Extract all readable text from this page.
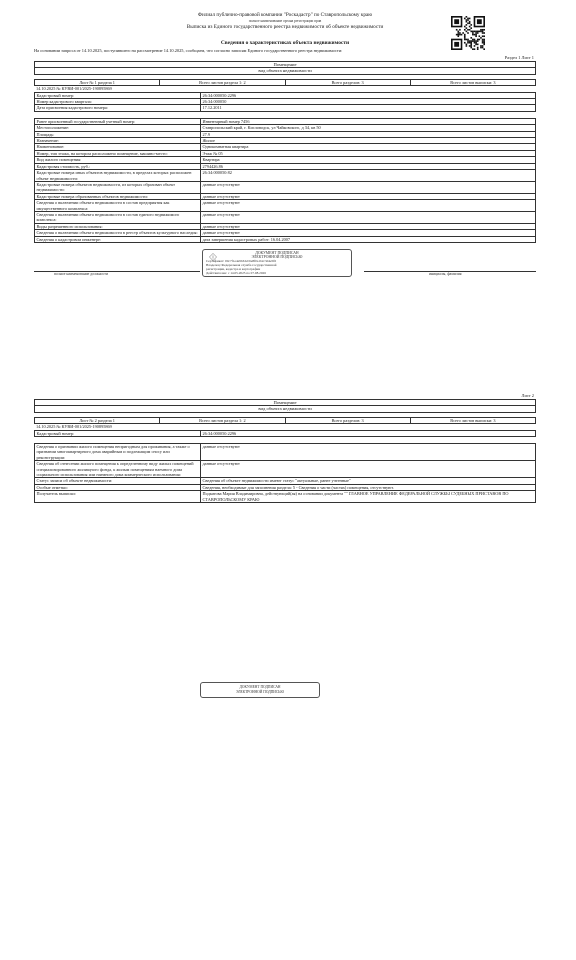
Филиал публично-правовой компании "Роскадастр" по Ставропольскому краю
полное наименование органа регистрации прав
Выписка из Единого государственного реестра недвижимости об объекте недвижимости
Сведения о характеристиках объекта недвижимости
На основании запроса от 14.10.2025, поступившего на рассмотрение 14.10.2025, сообщаем, что согласно записям Единого государственного реестра недвижимости:
Раздел 1 Лист 1
Помещение
вид объекта недвижимости

Лист № 1 раздела 1	Всего листов раздела 1: 2	Всего разделов: 3	Всего листов выписки: 3
14.10.2025 № КУВИ-001/2025-190895869
Кадастровый номер:	26:34:000050:2296
Номер кадастрового квартала:	26:34:000050
Дата присвоения кадастрового номера:	17.12.2011
Ранее присвоенный государственный учетный номер:	Инвентарный номер 7456
Местоположение:	Ставропольский край, г. Кисловодск, ул Чайковского, д 34, кв 50
Площадь:	27.9
Назначение:	Жилое
Наименование:	Однокомнатная квартира
Номер, тип этажа, на котором расположено помещение, машино-место:	Этаж № 05
Вид жилого помещения:	Квартира
Кадастровая стоимость, руб.:	2794426.86
Кадастровые номера иных объектов недвижимости, в пределах которых расположен объект недвижимости:	26:34:000050:82
Кадастровые номера объектов недвижимости, из которых образован объект недвижимости:	данные отсутствуют
Кадастровые номера образованных объектов недвижимости:	данные отсутствуют
Сведения о включении объекта недвижимости в состав предприятия как имущественного комплекса:	данные отсутствуют
Сведения о включении объекта недвижимости в состав единого недвижимого комплекса:	данные отсутствуют
Виды разрешенного использования:	данные отсутствуют
Сведения о включении объекта недвижимости в реестр объектов культурного наследия:	данные отсутствуют
Сведения о кадастровом инженере:	дата завершения кадастровых работ: 16.04.2007
полное наименование должности	инициалы, фамилия
ДОКУМЕНТ ПОДПИСАН
ЭЛЕКТРОННОЙ ПОДПИСЬЮ
Сертификат: 00c7f1e4a9b3d2c6e8f0a1b2c3d4e5f6
Владелец: Федеральная служба государственной
регистрации, кадастра и картографии
Действителен: с 14.05.2025 по 07.08.2026
Лист 2
Помещение
вид объекта недвижимости

Лист № 2 раздела 1	Всего листов раздела 1: 2	Всего разделов: 3	Всего листов выписки: 3
14.10.2025 № КУВИ-001/2025-190895869
Кадастровый номер:	26:34:000050:2296
Сведения о признании жилого помещения непригодным для проживания, а также о признании многоквартирного дома аварийным и подлежащим сносу или реконструкции:	данные отсутствуют
Сведения об отнесении жилого помещения к определенному виду жилых помещений специализированного жилищного фонда, к жилым помещениям наемного дома социального использования или наемного дома коммерческого использования:	данные отсутствуют
Статус записи об объекте недвижимости:	Сведения об объекте недвижимости имеют статус "актуальные, ранее учтенные"
Особые отметки:	Сведения, необходимые для заполнения раздела: 5 - Сведения о части (частях) помещения, отсутствуют.
Получатель выписки:	Подкатова Мария Владимировна, действующий(ая) на основании документа "" ГЛАВНОЕ УПРАВЛЕНИЕ ФЕДЕРАЛЬНОЙ СЛУЖБЫ СУДЕБНЫХ ПРИСТАВОВ ПО СТАВРОПОЛЬСКОМУ КРАЮ
ДОКУМЕНТ ПОДПИСАН
ЭЛЕКТРОННОЙ ПОДПИСЬЮ
